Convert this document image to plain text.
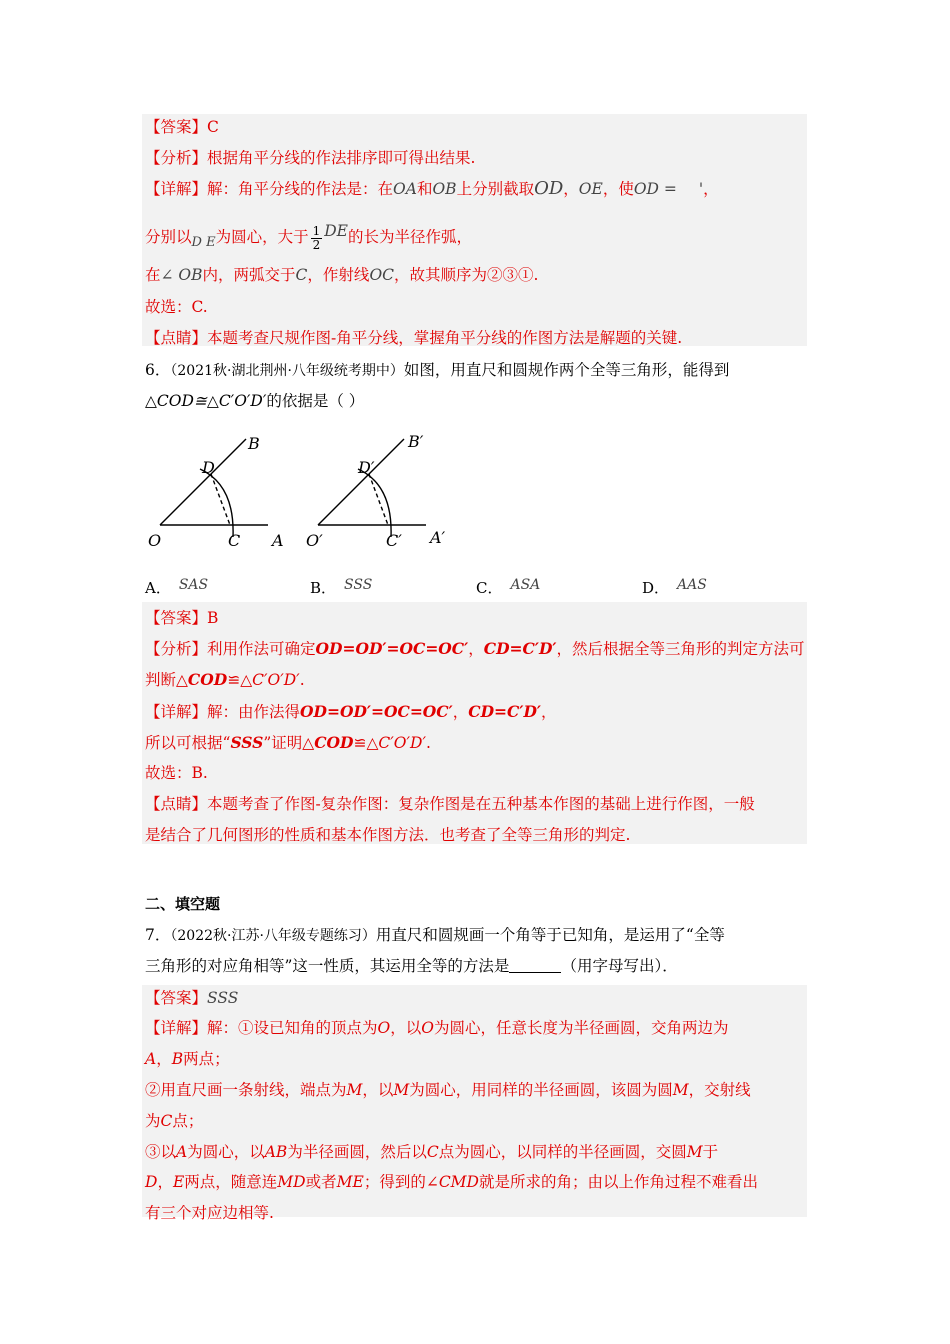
【答案】C
【分析】根据角平分线的作法排序即可得出结果.
【详解】解：角平分线的作法是：在OA和OB上分别截取OD，OE，使OD = '，
分别以$_{D E}$为圆心，大于 $\frac{1}{2}$ DE的长为半径作弧，
在∠ OB内，两弧交于C，作射线OC，故其顺序为②③①.
故选：C.
【点睛】本题考查尺规作图-角平分线，掌握角平分线的作图方法是解题的关键.
6．（2021秋·湖北荆州·八年级统考期中）如图，用直尺和圆规作两个全等三角形，能得到
△COD≅△C′O′D′的依据是（ ）
O	C A
D
B
O′	C′ A′
D′
B′
A． SAS	B． SSS	C． ASA	D． AAS
【答案】B
【分析】利用作法可确定OD=OD′=OC=OC′，CD=C′D′，然后根据全等三角形的判定方法可
判断△COD≌△C′O′D′.
【详解】解：由作法得OD=OD′=OC=OC′，CD=C′D′，
所以可根据“SSS”证明△COD≌△C′O′D′.
故选：B.
【点睛】本题考查了作图-复杂作图：复杂作图是在五种基本作图的基础上进行作图，一般
是结合了几何图形的性质和基本作图方法．也考查了全等三角形的判定.
二、填空题
7．（2022秋·江苏·八年级专题练习）用直尺和圆规画一个角等于已知角，是运用了“全等
三角形的对应角相等”这一性质，其运用全等的方法是	（用字母写出）．
【答案】SSS
【详解】解：①设已知角的顶点为O，以O为圆心，任意长度为半径画圆，交角两边为
A，B两点；
②用直尺画一条射线，端点为M，以M为圆心，用同样的半径画圆，该圆为圆M，交射线
为C点；
③以A为圆心，以AB为半径画圆，然后以C点为圆心，以同样的半径画圆，交圆M于
D，E两点，随意连MD或者ME；得到的∠CMD就是所求的角；由以上作角过程不难看出
有三个对应边相等.
